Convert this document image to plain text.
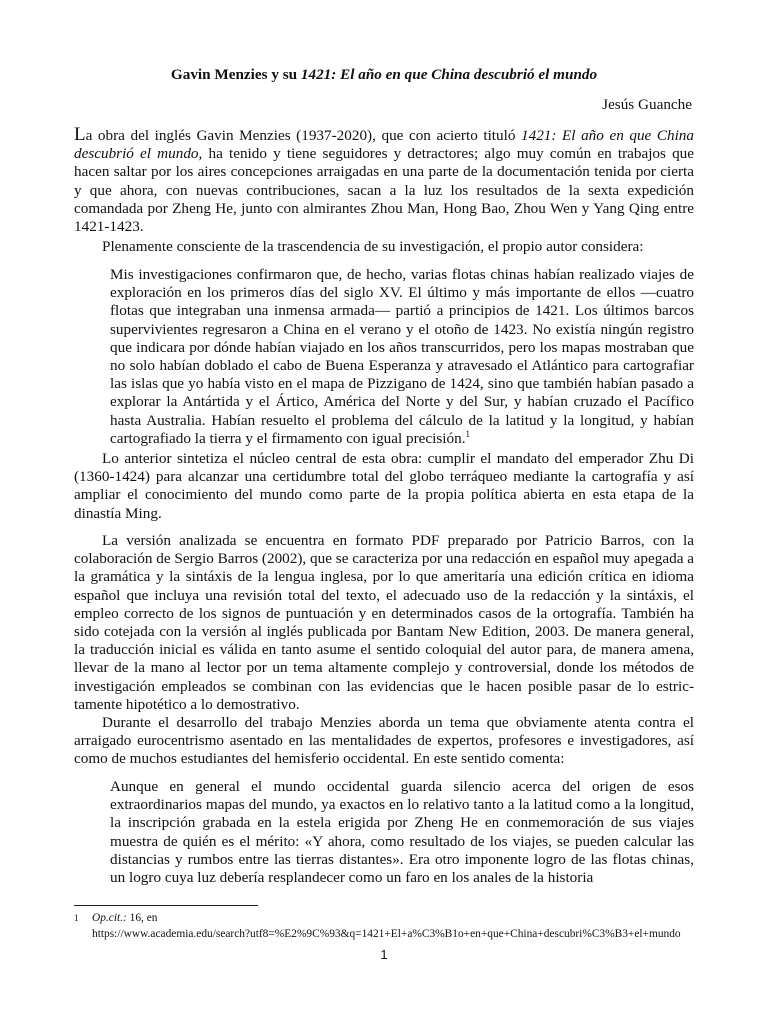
Gavin Menzies y su 1421: El año en que China descubrió el mundo
Jesús Guanche

La obra del inglés Gavin Menzies (1937-2020), que con acierto tituló 1421: El año en que China descubrió el mundo, ha tenido y tiene seguidores y detractores; algo muy común en trabajos que hacen saltar por los aires concepciones arraigadas en una parte de la documentación tenida por cierta y que ahora, con nuevas contribuciones, sacan a la luz los resultados de la sexta expedición comandada por Zheng He, junto con almirantes Zhou Man, Hong Bao, Zhou Wen y Yang Qing entre 1421-1423.

Plenamente consciente de la trascendencia de su investigación, el propio autor considera:

Mis investigaciones confirmaron que, de hecho, varias flotas chinas habían realizado viajes de exploración en los primeros días del siglo XV. El último y más importante de ellos —cuatro flotas que integraban una inmensa armada— partió a principios de 1421. Los últimos barcos supervivientes regresaron a China en el verano y el otoño de 1423. No existía ningún registro que indicara por dónde habían viajado en los años transcurridos, pero los mapas mostraban que no solo habían doblado el cabo de Buena Esperanza y atravesado el Atlántico para cartografiar las islas que yo había visto en el mapa de Pizzigano de 1424, sino que también habían pasado a explorar la Antártida y el Ártico, América del Norte y del Sur, y habían cruzado el Pacífico hasta Australia. Habían resuelto el problema del cálculo de la latitud y la longitud, y habían cartografiado la tierra y el firmamento con igual precisión.$^1$

Lo anterior sintetiza el núcleo central de esta obra: cumplir el mandato del emperador Zhu Di (1360-1424) para alcanzar una certidumbre total del globo terráqueo mediante la cartografía y así ampliar el conocimiento del mundo como parte de la propia política abierta en esta etapa de la dinastía Ming.

La versión analizada se encuentra en formato PDF preparado por Patricio Barros, con la colaboración de Sergio Barros (2002), que se caracteriza por una redacción en español muy apegada a la gramática y la sintáxis de la lengua inglesa, por lo que ameritaría una edición crítica en idioma español que incluya una revisión total del texto, el adecuado uso de la redacción y la sintáxis, el empleo correcto de los signos de puntuación y en determinados casos de la ortografía. También ha sido cotejada con la versión al inglés publicada por Bantam New Edition, 2003. De manera general, la traducción inicial es válida en tanto asume el sentido coloquial del autor para, de manera amena, llevar de la mano al lector por un tema altamente complejo y controversial, donde los métodos de investigación empleados se combinan con las evidencias que le hacen posible pasar de lo estric-tamente hipotético a lo demostrativo.

Durante el desarrollo del trabajo Menzies aborda un tema que obviamente atenta contra el arraigado eurocentrismo asentado en las mentalidades de expertos, profesores e investigadores, así como de muchos estudiantes del hemisferio occidental. En este sentido comenta:

Aunque en general el mundo occidental guarda silencio acerca del origen de esos extraordinarios mapas del mundo, ya exactos en lo relativo tanto a la latitud como a la longitud, la inscripción grabada en la estela erigida por Zheng He en conmemoración de sus viajes muestra de quién es el mérito: «Y ahora, como resultado de los viajes, se pueden calcular las distancias y rumbos entre las tierras distantes». Era otro imponente logro de las flotas chinas, un logro cuya luz debería resplandecer como un faro en los anales de la historia

1 Op.cit.: 16, en
https://www.academia.edu/search?utf8=%E2%9C%93&q=1421+El+a%C3%B1o+en+que+China+descubri%C3%B3+el+mundo
1
